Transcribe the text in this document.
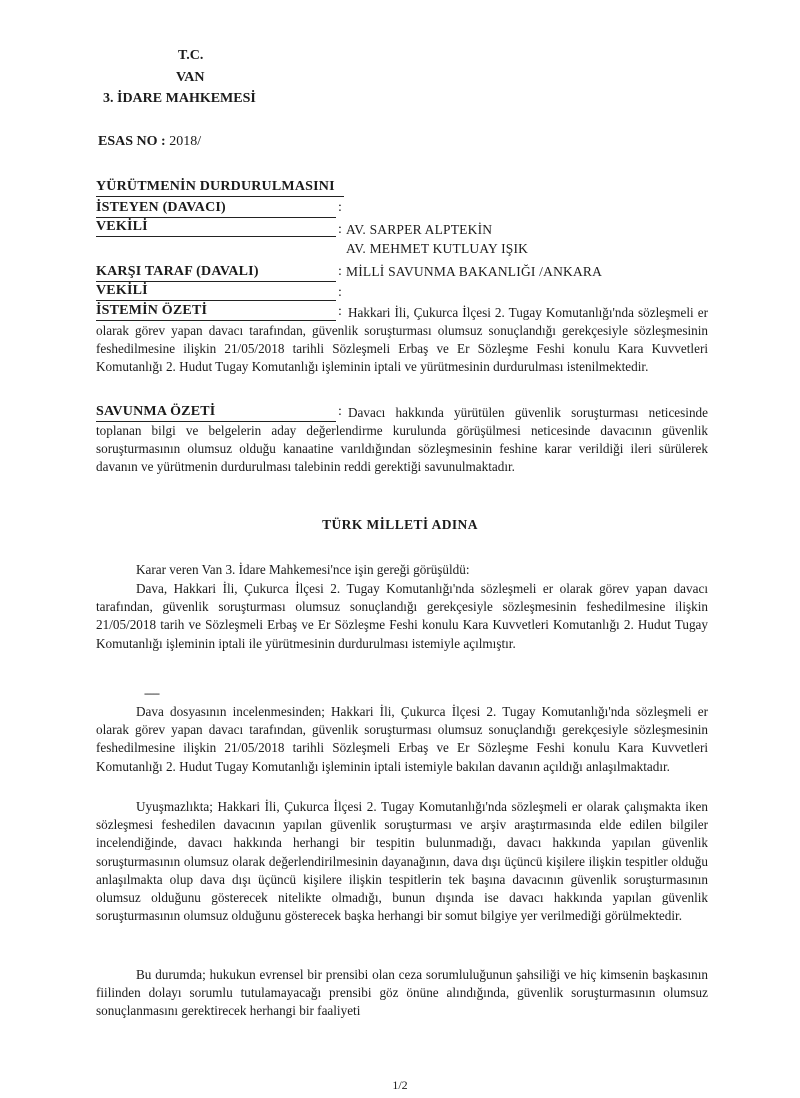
T.C.
VAN
3. İDARE MAHKEMESİ
ESAS NO : 2018/
YÜRÜTMENİN DURDURULMASINI
İSTEYEN (DAVACI)	:
VEKİLİ	: AV. SARPER ALPTEKİN
AV. MEHMET KUTLUAY IŞIK
KARŞI TARAF (DAVALI)	: MİLLİ SAVUNMA BAKANLIĞI /ANKARA
VEKİLİ	:
İSTEMİN ÖZETİ	: Hakkari İli, Çukurca İlçesi 2. Tugay Komutanlığı'nda sözleşmeli er olarak görev yapan davacı tarafından, güvenlik soruşturması olumsuz sonuçlandığı gerekçesiyle sözleşmesinin feshedilmesine ilişkin 21/05/2018 tarihli Sözleşmeli Erbaş ve Er Sözleşme Feshi konulu Kara Kuvvetleri Komutanlığı 2. Hudut Tugay Komutanlığı işleminin iptali ve yürütmesinin durdurulması istenilmektedir.

SAVUNMA ÖZETİ	: Davacı hakkında yürütülen güvenlik soruşturması neticesinde toplanan bilgi ve belgelerin aday değerlendirme kurulunda görüşülmesi neticesinde davacının güvenlik soruşturmasının olumsuz olduğu kanaatine varıldığından sözleşmesinin feshine karar verildiği ileri sürülerek davanın ve yürütmenin durdurulması talebinin reddi gerektiği savunulmaktadır.

TÜRK MİLLETİ ADINA

Karar veren Van 3. İdare Mahkemesi'nce işin gereği görüşüldü:

Dava, Hakkari İli, Çukurca İlçesi 2. Tugay Komutanlığı'nda sözleşmeli er olarak görev yapan davacı tarafından, güvenlik soruşturması olumsuz sonuçlandığı gerekçesiyle sözleşmesinin feshedilmesine ilişkin 21/05/2018 tarih ve Sözleşmeli Erbaş ve Er Sözleşme Feshi konulu Kara Kuvvetleri Komutanlığı 2. Hudut Tugay Komutanlığı işleminin iptali ile yürütmesinin durdurulması istemiyle açılmıştır.

-----

Dava dosyasının incelenmesinden; Hakkari İli, Çukurca İlçesi 2. Tugay Komutanlığı'nda sözleşmeli er olarak görev yapan davacı tarafından, güvenlik soruşturması olumsuz sonuçlandığı gerekçesiyle sözleşmesinin feshedilmesine ilişkin 21/05/2018 tarihli Sözleşmeli Erbaş ve Er Sözleşme Feshi konulu Kara Kuvvetleri Komutanlığı 2. Hudut Tugay Komutanlığı işleminin iptali istemiyle bakılan davanın açıldığı anlaşılmaktadır.

Uyuşmazlıkta; Hakkari İli, Çukurca İlçesi 2. Tugay Komutanlığı'nda sözleşmeli er olarak çalışmakta iken sözleşmesi feshedilen davacının yapılan güvenlik soruşturması ve arşiv araştırmasında elde edilen bilgiler incelendiğinde, davacı hakkında herhangi bir tespitin bulunmadığı, davacı hakkında yapılan güvenlik soruşturmasının olumsuz olarak değerlendirilmesinin dayanağının, dava dışı üçüncü kişilere ilişkin tespitler olduğu anlaşılmakta olup dava dışı üçüncü kişilere ilişkin tespitlerin tek başına davacının güvenlik soruşturmasının olumsuz olduğunu gösterecek nitelikte olmadığı, bunun dışında ise davacı hakkında yapılan güvenlik soruşturmasının olumsuz olduğunu gösterecek başka herhangi bir somut bilgiye yer verilmediği görülmektedir.

Bu durumda; hukukun evrensel bir prensibi olan ceza sorumluluğunun şahsiliği ve hiç kimsenin başkasının fiilinden dolayı sorumlu tutulamayacağı prensibi göz önüne alındığında, güvenlik soruşturmasının olumsuz sonuçlanmasını gerektirecek herhangi bir faaliyeti

1/2
